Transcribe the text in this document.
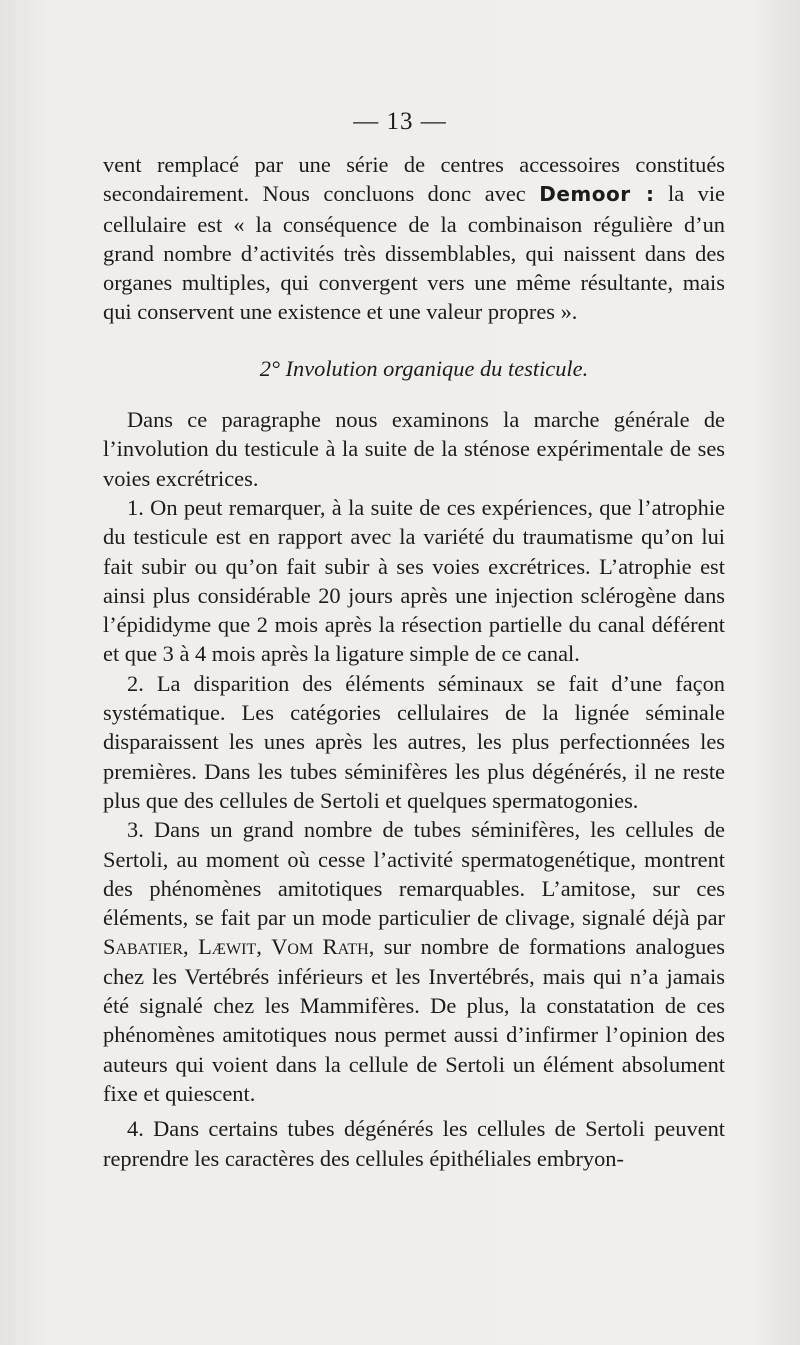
— 13 —

vent remplacé par une série de centres accessoires constitués secondairement. Nous concluons donc avec Demoor : la vie cellulaire est « la conséquence de la combinaison régulière d’un grand nombre d’activités très dissemblables, qui naissent dans des organes multiples, qui convergent vers une même résultante, mais qui conservent une existence et une valeur propres ».

2° Involution organique du testicule.

Dans ce paragraphe nous examinons la marche générale de l’involution du testicule à la suite de la sténose expérimentale de ses voies excrétrices.

1. On peut remarquer, à la suite de ces expériences, que l’atrophie du testicule est en rapport avec la variété du traumatisme qu’on lui fait subir ou qu’on fait subir à ses voies excrétrices. L’atrophie est ainsi plus considérable 20 jours après une injection sclérogène dans l’épididyme que 2 mois après la résection partielle du canal déférent et que 3 à 4 mois après la ligature simple de ce canal.

2. La disparition des éléments séminaux se fait d’une façon systématique. Les catégories cellulaires de la lignée séminale disparaissent les unes après les autres, les plus perfectionnées les premières. Dans les tubes séminifères les plus dégénérés, il ne reste plus que des cellules de Sertoli et quelques spermatogonies.

3. Dans un grand nombre de tubes séminifères, les cellules de Sertoli, au moment où cesse l’activité spermatogenétique, montrent des phénomènes amitotiques remarquables. L’amitose, sur ces éléments, se fait par un mode particulier de clivage, signalé déjà par Sabatier, Læwit, Vom Rath, sur nombre de formations analogues chez les Vertébrés inférieurs et les Invertébrés, mais qui n’a jamais été signalé chez les Mammifères. De plus, la constatation de ces phénomènes amitotiques nous permet aussi d’infirmer l’opinion des auteurs qui voient dans la cellule de Sertoli un élément absolument fixe et quiescent.

4. Dans certains tubes dégénérés les cellules de Sertoli peuvent reprendre les caractères des cellules épithéliales embryon-
